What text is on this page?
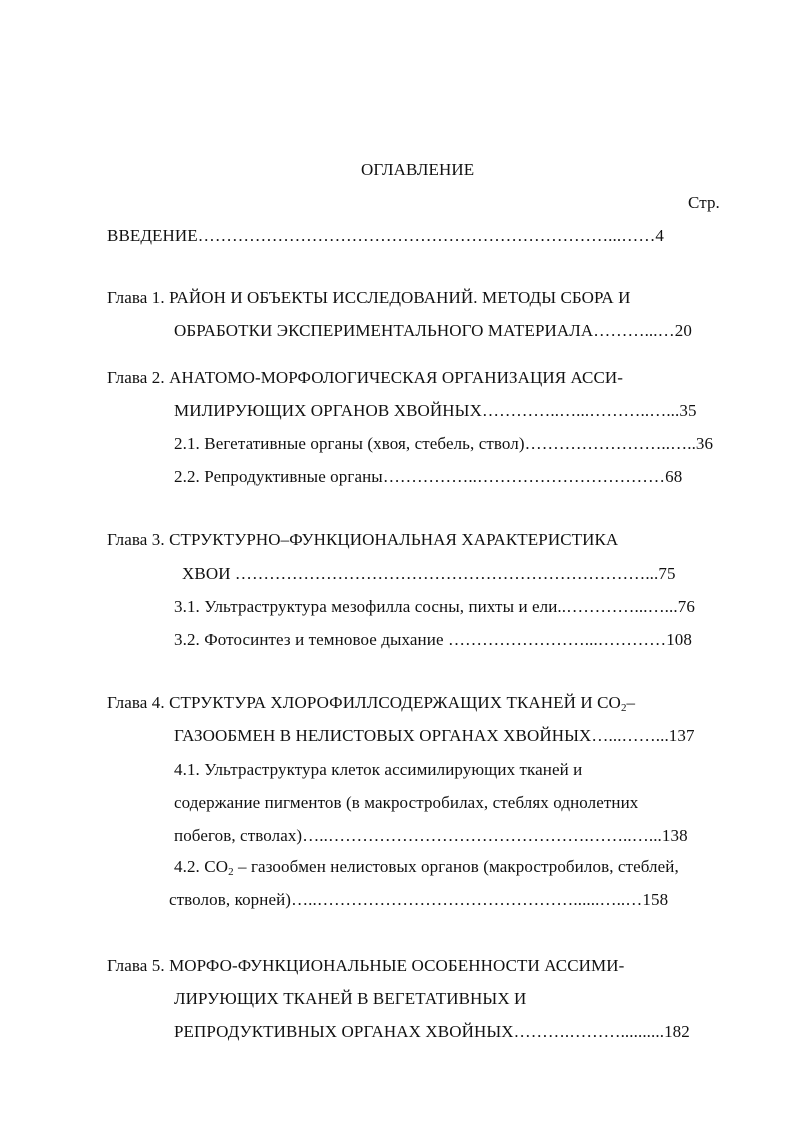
ОГЛАВЛЕНИЕ
Стр.
ВВЕДЕНИЕ………………………………………………………………...……4
Глава 1. РАЙОН И ОБЪЕКТЫ ИССЛЕДОВАНИЙ. МЕТОДЫ СБОРА И
ОБРАБОТКИ ЭКСПЕРИМЕНТАЛЬНОГО МАТЕРИАЛА………...…20
Глава 2. АНАТОМО-МОРФОЛОГИЧЕСКАЯ ОРГАНИЗАЦИЯ АССИ-
МИЛИРУЮЩИХ ОРГАНОВ ХВОЙНЫХ…………..…...………..…...35
2.1. Вегетативные органы (хвоя, стебель, ствол)……………………..…..36
2.2. Репродуктивные органы……………..……………………………68
Глава 3. СТРУКТУРНО–ФУНКЦИОНАЛЬНАЯ ХАРАКТЕРИСТИКА
ХВОИ ………………………………………………………………...75
3.1. Ультраструктура мезофилла сосны, пихты и ели..…………...…...76
3.2. Фотосинтез и темновое дыхание ……………………...…………108
Глава 4. СТРУКТУРА ХЛОРОФИЛЛСОДЕРЖАЩИХ ТКАНЕЙ И $СО_2-$
ГАЗООБМЕН В НЕЛИСТОВЫХ ОРГАНАХ ХВОЙНЫХ…...……...137
4.1. Ультраструктура клеток ассимилирующих тканей и
содержание пигментов (в макростробилах, стеблях однолетних
побегов, стволах)…..……………………………………….……..…...138
4.2. $СО_2$ – газообмен нелистовых органов (макростробилов, стеблей,
стволов, корней)…..………………………………………......…..…158
Глава 5. МОРФО-ФУНКЦИОНАЛЬНЫЕ ОСОБЕННОСТИ АССИМИ-
ЛИРУЮЩИХ ТКАНЕЙ В ВЕГЕТАТИВНЫХ И
РЕПРОДУКТИВНЫХ ОРГАНАХ ХВОЙНЫХ……….………..........182
